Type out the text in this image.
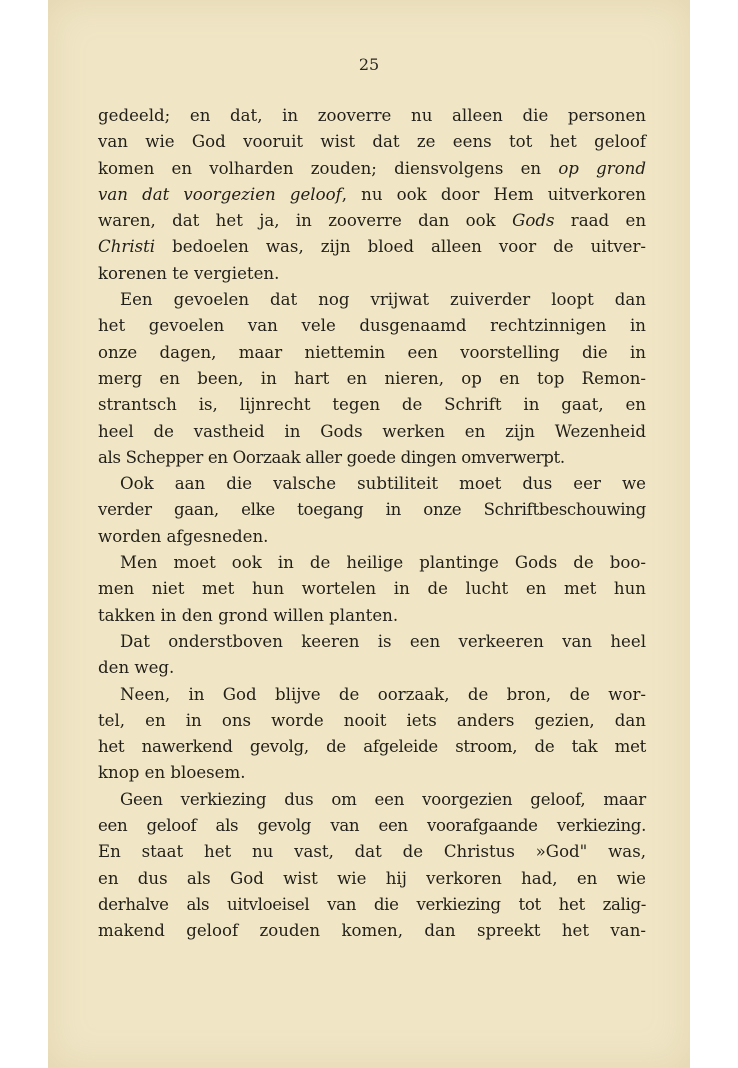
25
gedeeld; en dat, in zooverre nu alleen die personen
van wie God vooruit wist dat ze eens tot het geloof
komen en volharden zouden; diensvolgens en op grond
van dat voorgezien geloof, nu ook door Hem uitverkoren
waren, dat het ja, in zooverre dan ook Gods raad en
Christi bedoelen was, zijn bloed alleen voor de uitver-
korenen te vergieten.
Een gevoelen dat nog vrijwat zuiverder loopt dan
het gevoelen van vele dusgenaamd rechtzinnigen in
onze dagen, maar niettemin een voorstelling die in
merg en been, in hart en nieren, op en top Remon-
strantsch is, lijnrecht tegen de Schrift in gaat, en
heel de vastheid in Gods werken en zijn Wezenheid
als Schepper en Oorzaak aller goede dingen omverwerpt.
Ook aan die valsche subtiliteit moet dus eer we
verder gaan, elke toegang in onze Schriftbeschouwing
worden afgesneden.
Men moet ook in de heilige plantinge Gods de boo-
men niet met hun wortelen in de lucht en met hun
takken in den grond willen planten.
Dat onderstboven keeren is een verkeeren van heel
den weg.
Neen, in God blijve de oorzaak, de bron, de wor-
tel, en in ons worde nooit iets anders gezien, dan
het nawerkend gevolg, de afgeleide stroom, de tak met
knop en bloesem.
Geen verkiezing dus om een voorgezien geloof, maar
een geloof als gevolg van een voorafgaande verkiezing.
En staat het nu vast, dat de Christus »God" was,
en dus als God wist wie hij verkoren had, en wie
derhalve als uitvloeisel van die verkiezing tot het zalig-
makend geloof zouden komen, dan spreekt het van-
